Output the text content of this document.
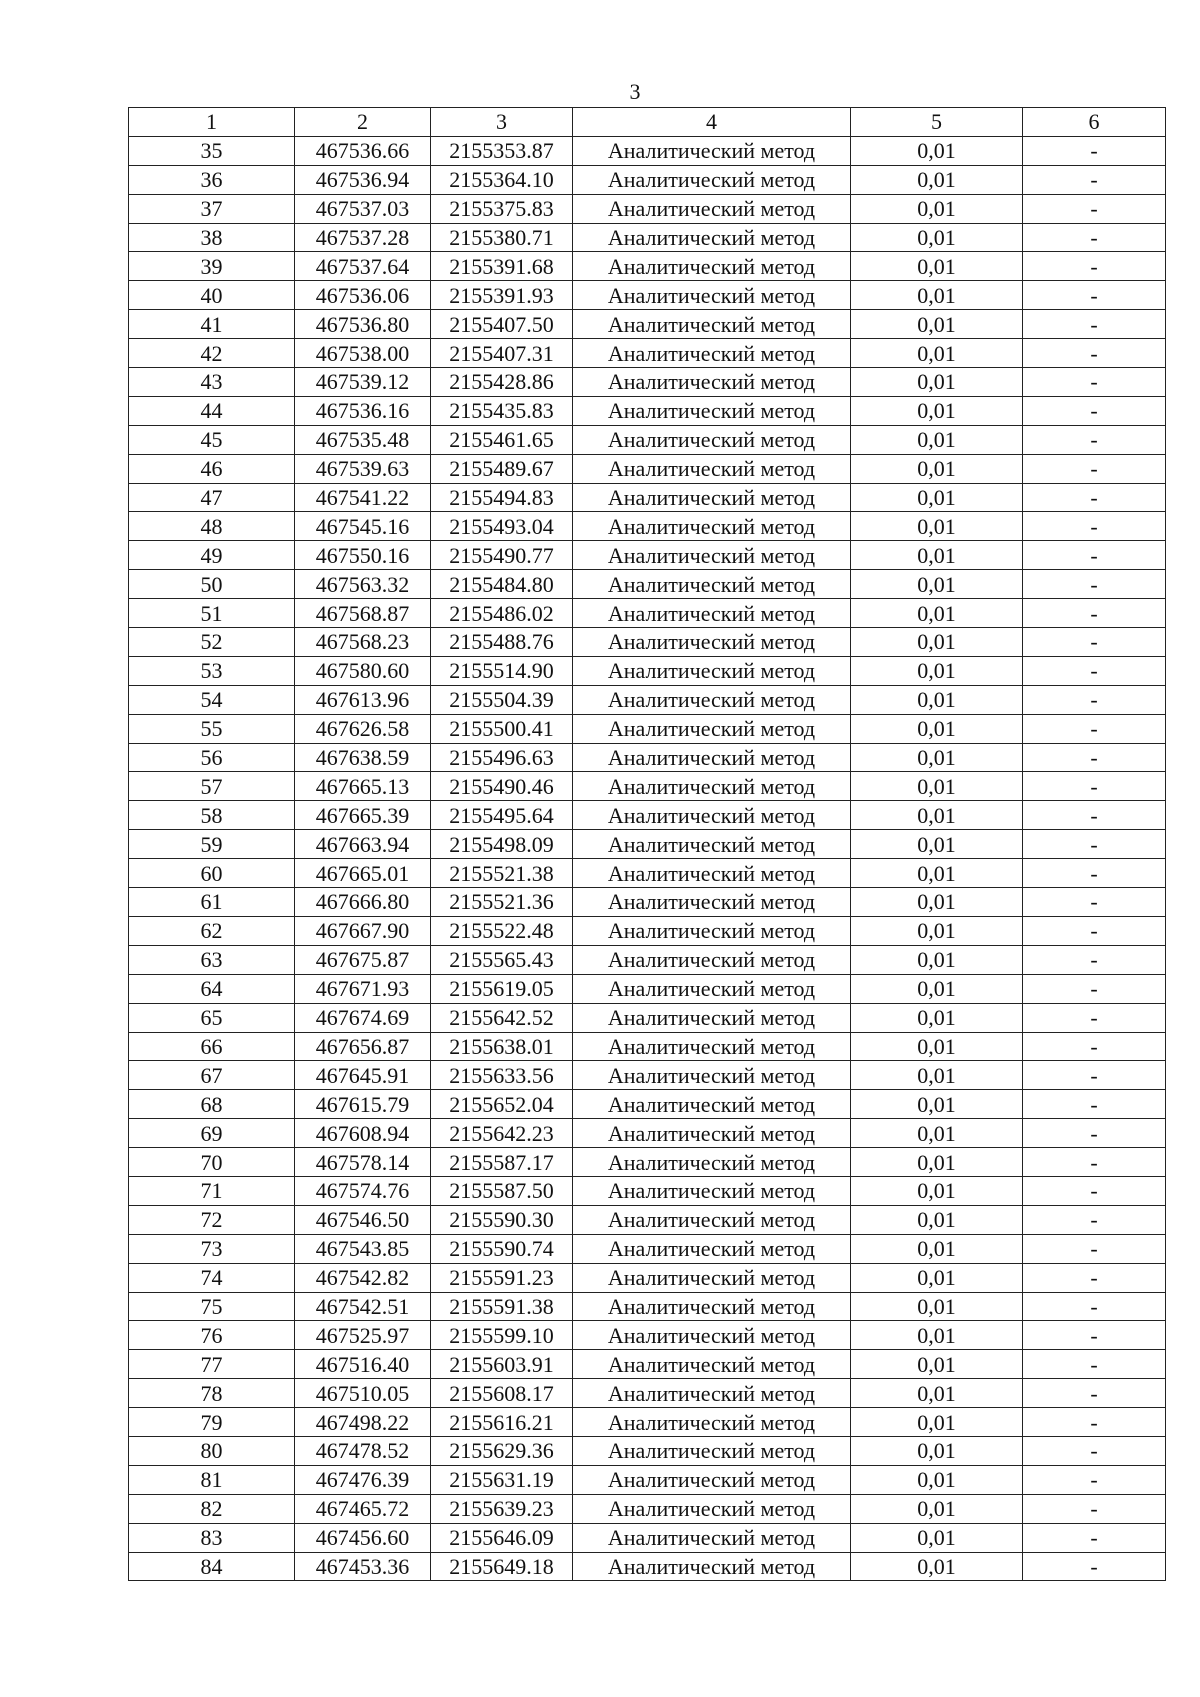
3
1	2	3	4	5	6
35	467536.66	2155353.87	Аналитический метод	0,01	-
36	467536.94	2155364.10	Аналитический метод	0,01	-
37	467537.03	2155375.83	Аналитический метод	0,01	-
38	467537.28	2155380.71	Аналитический метод	0,01	-
39	467537.64	2155391.68	Аналитический метод	0,01	-
40	467536.06	2155391.93	Аналитический метод	0,01	-
41	467536.80	2155407.50	Аналитический метод	0,01	-
42	467538.00	2155407.31	Аналитический метод	0,01	-
43	467539.12	2155428.86	Аналитический метод	0,01	-
44	467536.16	2155435.83	Аналитический метод	0,01	-
45	467535.48	2155461.65	Аналитический метод	0,01	-
46	467539.63	2155489.67	Аналитический метод	0,01	-
47	467541.22	2155494.83	Аналитический метод	0,01	-
48	467545.16	2155493.04	Аналитический метод	0,01	-
49	467550.16	2155490.77	Аналитический метод	0,01	-
50	467563.32	2155484.80	Аналитический метод	0,01	-
51	467568.87	2155486.02	Аналитический метод	0,01	-
52	467568.23	2155488.76	Аналитический метод	0,01	-
53	467580.60	2155514.90	Аналитический метод	0,01	-
54	467613.96	2155504.39	Аналитический метод	0,01	-
55	467626.58	2155500.41	Аналитический метод	0,01	-
56	467638.59	2155496.63	Аналитический метод	0,01	-
57	467665.13	2155490.46	Аналитический метод	0,01	-
58	467665.39	2155495.64	Аналитический метод	0,01	-
59	467663.94	2155498.09	Аналитический метод	0,01	-
60	467665.01	2155521.38	Аналитический метод	0,01	-
61	467666.80	2155521.36	Аналитический метод	0,01	-
62	467667.90	2155522.48	Аналитический метод	0,01	-
63	467675.87	2155565.43	Аналитический метод	0,01	-
64	467671.93	2155619.05	Аналитический метод	0,01	-
65	467674.69	2155642.52	Аналитический метод	0,01	-
66	467656.87	2155638.01	Аналитический метод	0,01	-
67	467645.91	2155633.56	Аналитический метод	0,01	-
68	467615.79	2155652.04	Аналитический метод	0,01	-
69	467608.94	2155642.23	Аналитический метод	0,01	-
70	467578.14	2155587.17	Аналитический метод	0,01	-
71	467574.76	2155587.50	Аналитический метод	0,01	-
72	467546.50	2155590.30	Аналитический метод	0,01	-
73	467543.85	2155590.74	Аналитический метод	0,01	-
74	467542.82	2155591.23	Аналитический метод	0,01	-
75	467542.51	2155591.38	Аналитический метод	0,01	-
76	467525.97	2155599.10	Аналитический метод	0,01	-
77	467516.40	2155603.91	Аналитический метод	0,01	-
78	467510.05	2155608.17	Аналитический метод	0,01	-
79	467498.22	2155616.21	Аналитический метод	0,01	-
80	467478.52	2155629.36	Аналитический метод	0,01	-
81	467476.39	2155631.19	Аналитический метод	0,01	-
82	467465.72	2155639.23	Аналитический метод	0,01	-
83	467456.60	2155646.09	Аналитический метод	0,01	-
84	467453.36	2155649.18	Аналитический метод	0,01	-
